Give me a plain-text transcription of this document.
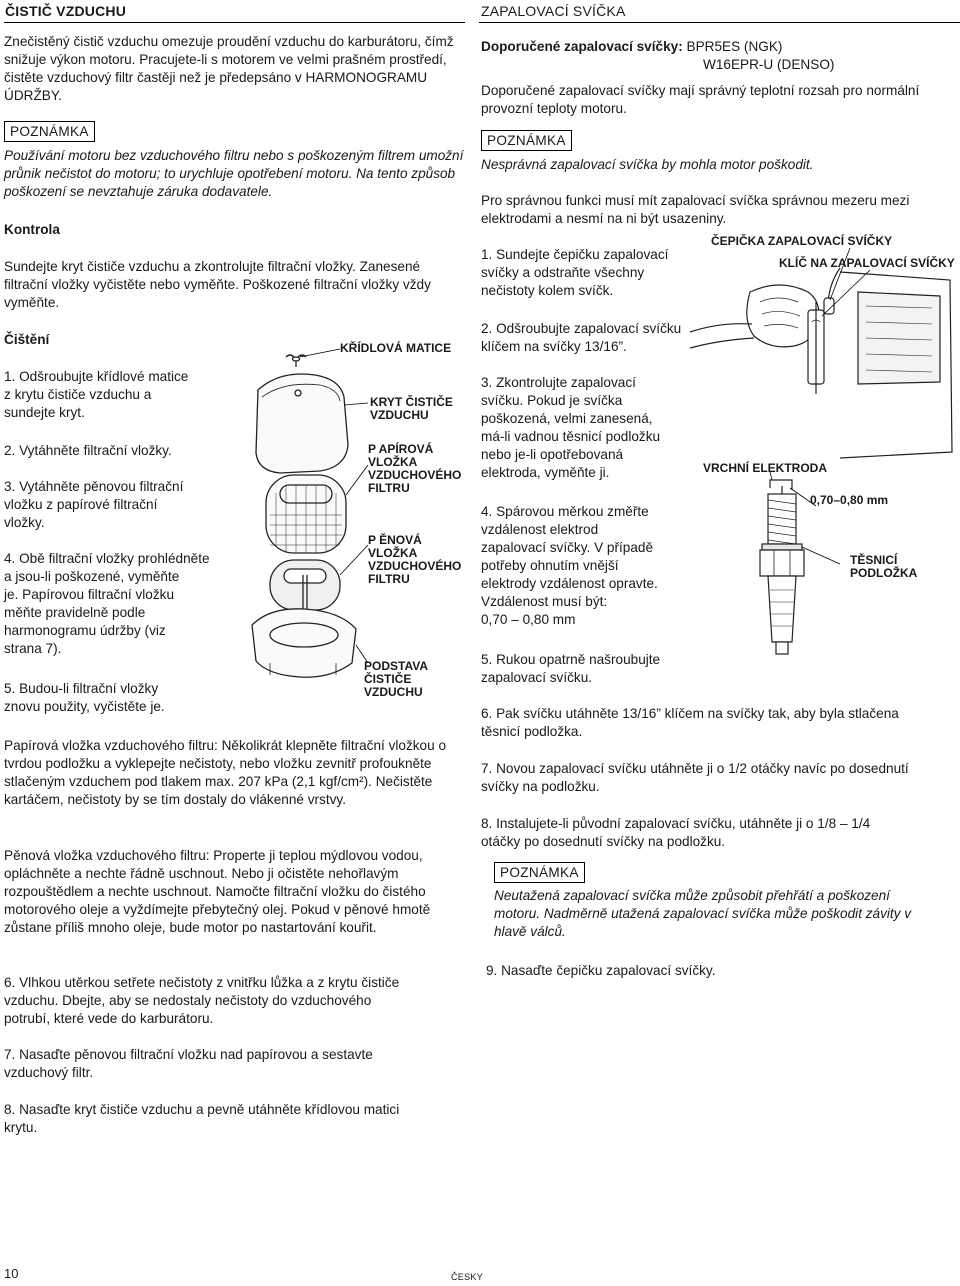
ČISTIČ VZDUCHU	ZAPALOVACÍ SVÍČKA

Znečistěný čistič vzduchu omezuje proudění vzduchu do karburátoru, čímž snižuje výkon motoru. Pracujete-li s motorem ve velmi prašném prostředí, čistěte vzduchový filtr častěji než je předepsáno v HARMONOGRAMU ÚDRŽBY.

POZNÁMKA

Používání motoru bez vzduchového filtru nebo s poškozeným filtrem umožní průnik nečistot do motoru; to urychluje opotřebení motoru. Na tento způsob poškození se nevztahuje záruka dodavatele.

Kontrola

Sundejte kryt čističe vzduchu a zkontrolujte filtrační vložky. Zanesené filtrační vložky vyčistěte nebo vyměňte. Poškozené filtrační vložky vždy vyměňte.

Čištění
1. Odšroubujte křídlové matice
z krytu čističe vzduchu a
sundejte kryt.
2. Vytáhněte filtrační vložky.
3. Vytáhněte pěnovou filtrační
vložku z papírové filtrační
vložky.
4. Obě filtrační vložky prohlédněte
a jsou-li poškozené, vyměňte
je. Papírovou filtrační vložku
měňte pravidelně podle
harmonogramu údržby (viz
strana 7).
5. Budou-li filtrační vložky
znovu použity, vyčistěte je.
KŘÍDLOVÁ MATICE
KRYT ČISTIČE
VZDUCHU
P APÍROVÁ
VLOŽKA
VZDUCHOVÉHO
FILTRU
P ĚNOVÁ
VLOŽKA
VZDUCHOVÉHO
FILTRU
PODSTAVA
ČISTIČE
VZDUCHU

Papírová vložka vzduchového filtru: Několikrát klepněte filtrační vložkou o tvrdou podložku a vyklepejte nečistoty, nebo vložku zevnitř profoukněte stlačeným vzduchem pod tlakem max. 207 kPa (2,1 kgf/cm²). Nečistěte kartáčem, nečistoty by se tím dostaly do vlákenné vrstvy.

Pěnová vložka vzduchového filtru: Properte ji teplou mýdlovou vodou, opláchněte a nechte řádně uschnout. Nebo ji očistěte nehořlavým rozpouštědlem a nechte uschnout. Namočte filtrační vložku do čistého motorového oleje a vyždímejte přebytečný olej. Pokud v pěnové hmotě zůstane příliš mnoho oleje, bude motor po nastartování kouřit.

6. Vlhkou utěrkou setřete nečistoty z vnitřku lůžka a z krytu čističe
vzduchu. Dbejte, aby se nedostaly nečistoty do vzduchového
potrubí, které vede do karburátoru.
7. Nasaďte pěnovou filtrační vložku nad papírovou a sestavte
vzduchový filtr.
8. Nasaďte kryt čističe vzduchu a pevně utáhněte křídlovou matici
krytu.
Doporučené zapalovací svíčky: BPR5ES (NGK)
W16EPR-U (DENSO)

Doporučené zapalovací svíčky mají správný teplotní rozsah pro normální provozní teploty motoru.

POZNÁMKA

Nesprávná zapalovací svíčka by mohla motor poškodit.

Pro správnou funkci musí mít zapalovací svíčka správnou mezeru mezi elektrodami a nesmí na ni být usazeniny.

1. Sundejte čepičku zapalovací
svíčky a odstraňte všechny
nečistoty kolem svíčk.
2. Odšroubujte zapalovací svíčku
klíčem na svíčky 13/16”.
3. Zkontrolujte zapalovací
svíčku. Pokud je svíčka
poškozená, velmi zanesená,
má-li vadnou těsnicí podložku
nebo je-li opotřebovaná
elektroda, vyměňte ji.
4. Spárovou měrkou změřte
vzdálenost elektrod
zapalovací svíčky. V případě
potřeby ohnutím vnější
elektrody vzdálenost opravte.
Vzdálenost musí být:
0,70 – 0,80 mm
5. Rukou opatrně našroubujte
zapalovací svíčku.
6. Pak svíčku utáhněte 13/16” klíčem na svíčky tak, aby byla stlačena
těsnicí podložka.
7. Novou zapalovací svíčku utáhněte ji o 1/2 otáčky navíc po dosednutí
svíčky na podložku.
8. Instalujete-li původní zapalovací svíčku, utáhněte ji o 1/8 – 1/4
otáčky po dosednutí svíčky na podložku.
POZNÁMKA

Neutažená zapalovací svíčka může způsobit přehřátí a poškození motoru. Nadměrně utažená zapalovací svíčka může poškodit závity v hlavě válců.

9. Nasaďte čepičku zapalovací svíčky.
ČEPIČKA ZAPALOVACÍ SVÍČKY
KLÍČ NA ZAPALOVACÍ SVÍČKY
VRCHNÍ ELEKTRODA
0,70–0,80 mm
TĚSNICÍ
PODLOŽKA
10	ČESKY
